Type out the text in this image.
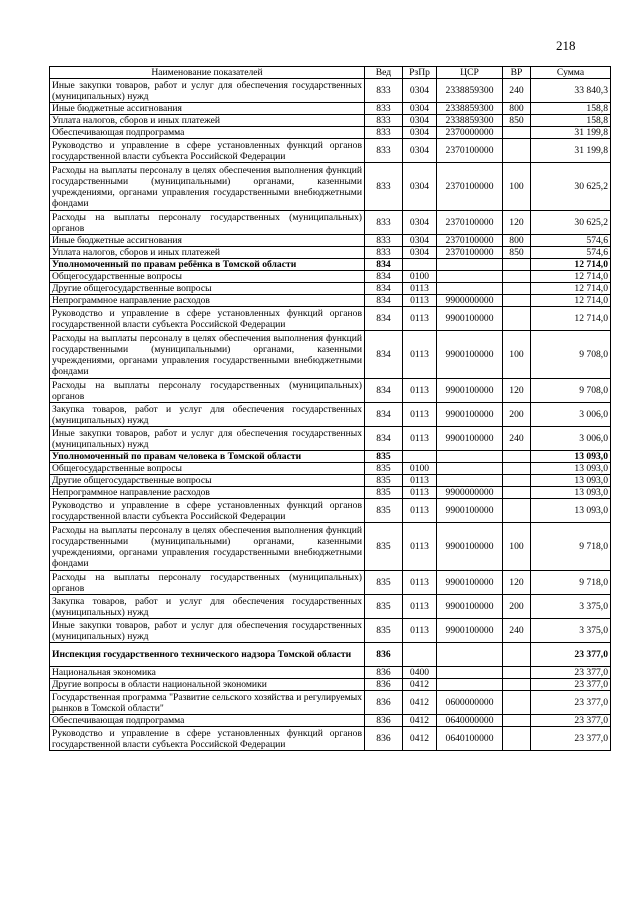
218
Наименование показателей	Вед	РзПр	ЦСР	ВР	Сумма
Иные закупки товаров, работ и услуг для обеспечения государственных (муниципальных) нужд	833	0304	2338859300	240	33 840,3
Иные бюджетные ассигнования	833	0304	2338859300	800	158,8
Уплата налогов, сборов и иных платежей	833	0304	2338859300	850	158,8
Обеспечивающая подпрограмма	833	0304	2370000000		31 199,8
Руководство и управление в сфере установленных функций органов государственной власти субъекта Российской Федерации	833	0304	2370100000		31 199,8
Расходы на выплаты персоналу в целях обеспечения выполнения функций государственными (муниципальными) органами, казенными учреждениями, органами управления государственными внебюджетными фондами	833	0304	2370100000	100	30 625,2
Расходы на выплаты персоналу государственных (муниципальных) органов	833	0304	2370100000	120	30 625,2
Иные бюджетные ассигнования	833	0304	2370100000	800	574,6
Уплата налогов, сборов и иных платежей	833	0304	2370100000	850	574,6
Уполномоченный по правам ребёнка в Томской области	834				12 714,0
Общегосударственные вопросы	834	0100			12 714,0
Другие общегосударственные вопросы	834	0113			12 714,0
Непрограммное направление расходов	834	0113	9900000000		12 714,0
Руководство и управление в сфере установленных функций органов государственной власти субъекта Российской Федерации	834	0113	9900100000		12 714,0
Расходы на выплаты персоналу в целях обеспечения выполнения функций государственными (муниципальными) органами, казенными учреждениями, органами управления государственными внебюджетными фондами	834	0113	9900100000	100	9 708,0
Расходы на выплаты персоналу государственных (муниципальных) органов	834	0113	9900100000	120	9 708,0
Закупка товаров, работ и услуг для обеспечения государственных (муниципальных) нужд	834	0113	9900100000	200	3 006,0
Иные закупки товаров, работ и услуг для обеспечения государственных (муниципальных) нужд	834	0113	9900100000	240	3 006,0
Уполномоченный по правам человека в Томской области	835				13 093,0
Общегосударственные вопросы	835	0100			13 093,0
Другие общегосударственные вопросы	835	0113			13 093,0
Непрограммное направление расходов	835	0113	9900000000		13 093,0
Руководство и управление в сфере установленных функций органов государственной власти субъекта Российской Федерации	835	0113	9900100000		13 093,0
Расходы на выплаты персоналу в целях обеспечения выполнения функций государственными (муниципальными) органами, казенными учреждениями, органами управления государственными внебюджетными фондами	835	0113	9900100000	100	9 718,0
Расходы на выплаты персоналу государственных (муниципальных) органов	835	0113	9900100000	120	9 718,0
Закупка товаров, работ и услуг для обеспечения государственных (муниципальных) нужд	835	0113	9900100000	200	3 375,0
Иные закупки товаров, работ и услуг для обеспечения государственных (муниципальных) нужд	835	0113	9900100000	240	3 375,0
Инспекция государственного технического надзора Томской области	836				23 377,0
Национальная экономика	836	0400			23 377,0
Другие вопросы в области национальной экономики	836	0412			23 377,0
Государственная программа "Развитие сельского хозяйства и регулируемых рынков в Томской области"	836	0412	0600000000		23 377,0
Обеспечивающая подпрограмма	836	0412	0640000000		23 377,0
Руководство и управление в сфере установленных функций органов государственной власти субъекта Российской Федерации	836	0412	0640100000		23 377,0
